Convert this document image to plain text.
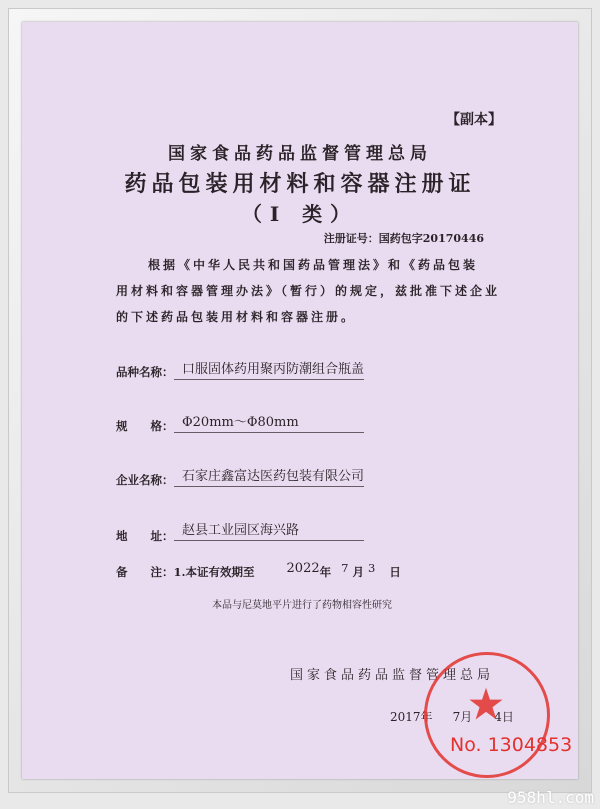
【副本】
国家食品药品监督管理总局
药品包装用材料和容器注册证
（I 类）
注册证号：国药包字20170446
根据《中华人民共和国药品管理法》和《药品包装
用材料和容器管理办法》（暂行）的规定，兹批准下述企业
的下述药品包装用材料和容器注册。
品种名称： 口服固体药用聚丙防潮组合瓶盖
规　　格： Φ20mm～Φ80mm
企业名称： 石家庄鑫富达医药包装有限公司
地　　址： 赵县工业园区海兴路
备　　注：1.本证有效期至 2022年 7 月 3 日
本品与尼莫地平片进行了药物相容性研究
国家食品药品监督管理总局
2017年 7月 4日
No. 1304853
958hl.com
